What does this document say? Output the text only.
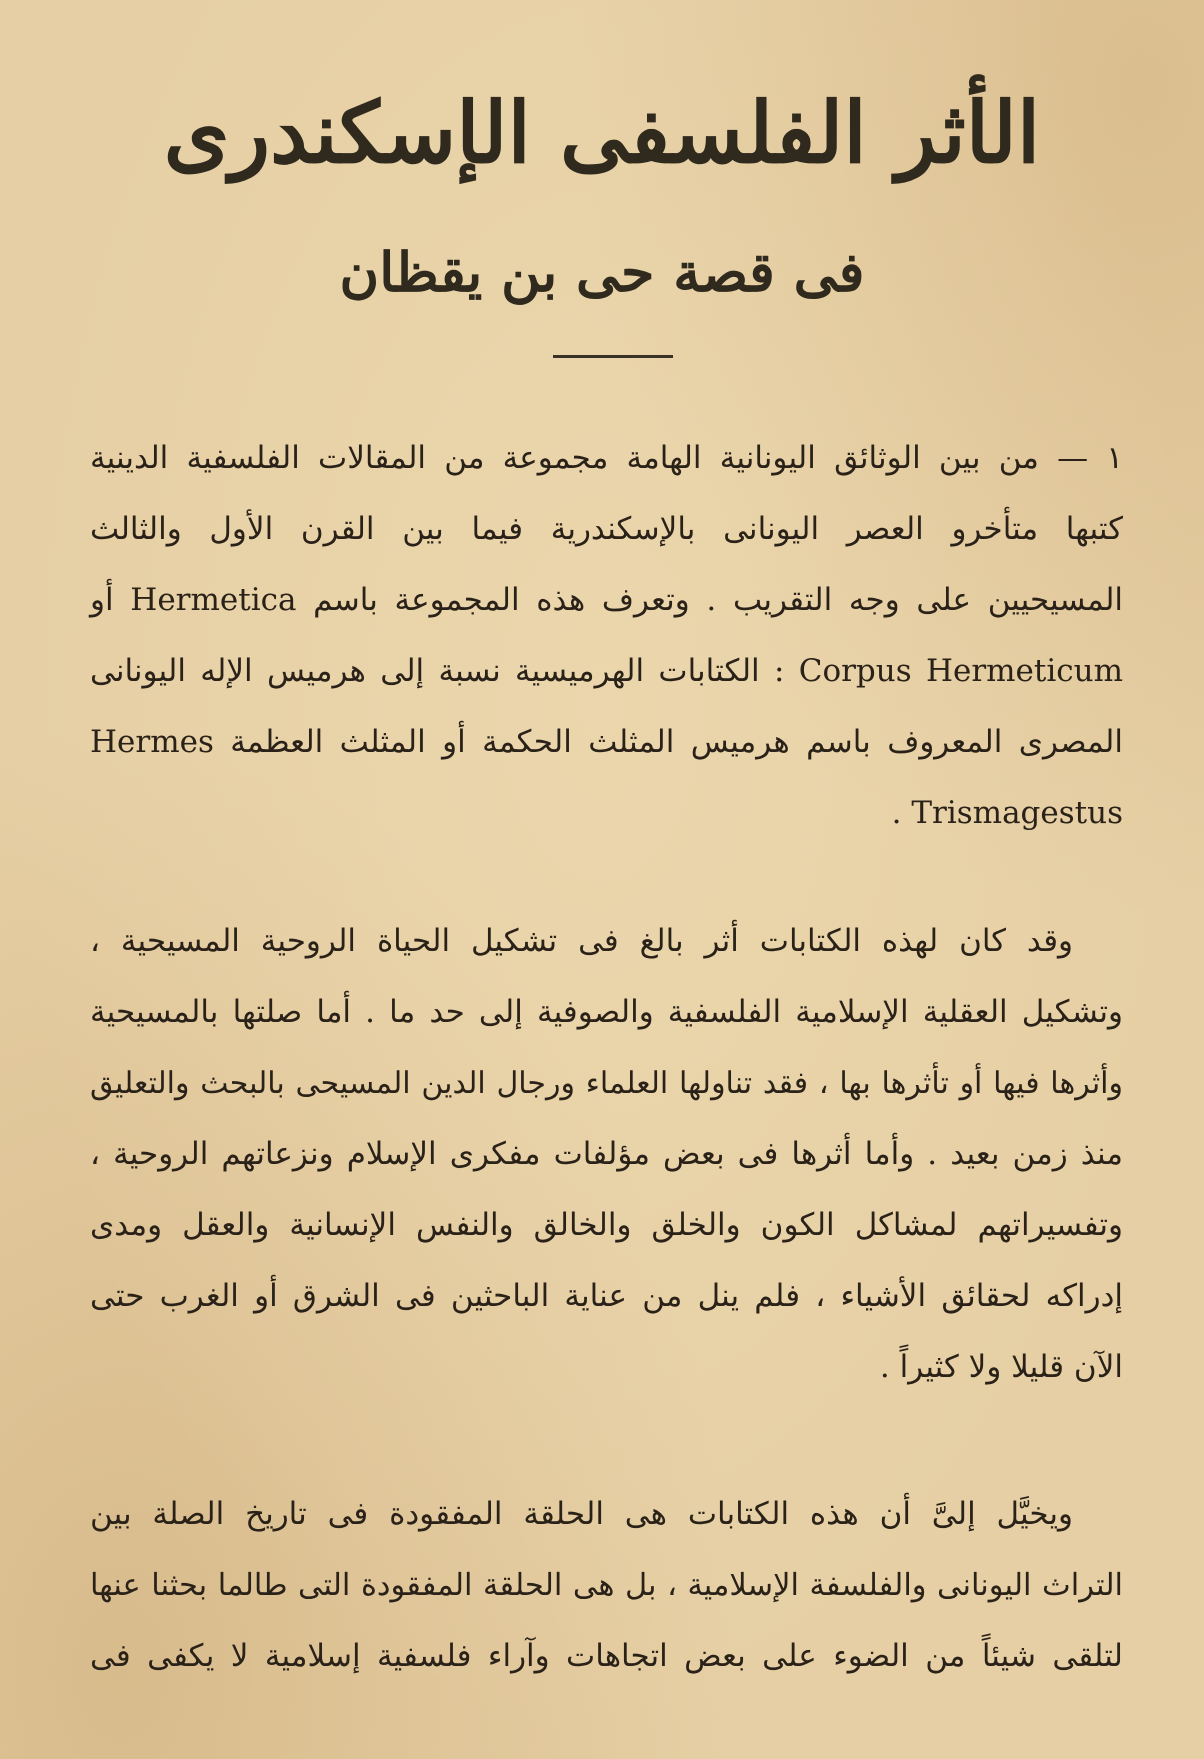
الأثر الفلسفى الإسكندرى
فى قصة حى بن يقظان
١ — من بين الوثائق اليونانية الهامة مجموعة من المقالات الفلسفية الدينية
كتبها متأخرو العصر اليونانى بالإسكندرية فيما بين القرن الأول والثالث
المسيحيين على وجه التقريب . وتعرف هذه المجموعة باسم Hermetica أو
Corpus Hermeticum : الكتابات الهرميسية نسبة إلى هرميس الإله اليونانى
المصرى المعروف باسم هرميس المثلث الحكمة أو المثلث العظمة Hermes
Trismagestus .
وقد كان لهذه الكتابات أثر بالغ فى تشكيل الحياة الروحية المسيحية ،
وتشكيل العقلية الإسلامية الفلسفية والصوفية إلى حد ما . أما صلتها بالمسيحية
وأثرها فيها أو تأثرها بها ، فقد تناولها العلماء ورجال الدين المسيحى بالبحث والتعليق
منذ زمن بعيد . وأما أثرها فى بعض مؤلفات مفكرى الإسلام ونزعاتهم الروحية ،
وتفسيراتهم لمشاكل الكون والخلق والخالق والنفس الإنسانية والعقل ومدى
إدراكه لحقائق الأشياء ، فلم ينل من عناية الباحثين فى الشرق أو الغرب حتى
الآن قليلا ولا كثيراً .
ويخيَّل إلىَّ أن هذه الكتابات هى الحلقة المفقودة فى تاريخ الصلة بين
التراث اليونانى والفلسفة الإسلامية ، بل هى الحلقة المفقودة التى طالما بحثنا عنها
لتلقى شيئاً من الضوء على بعض اتجاهات وآراء فلسفية إسلامية لا يكفى فى
